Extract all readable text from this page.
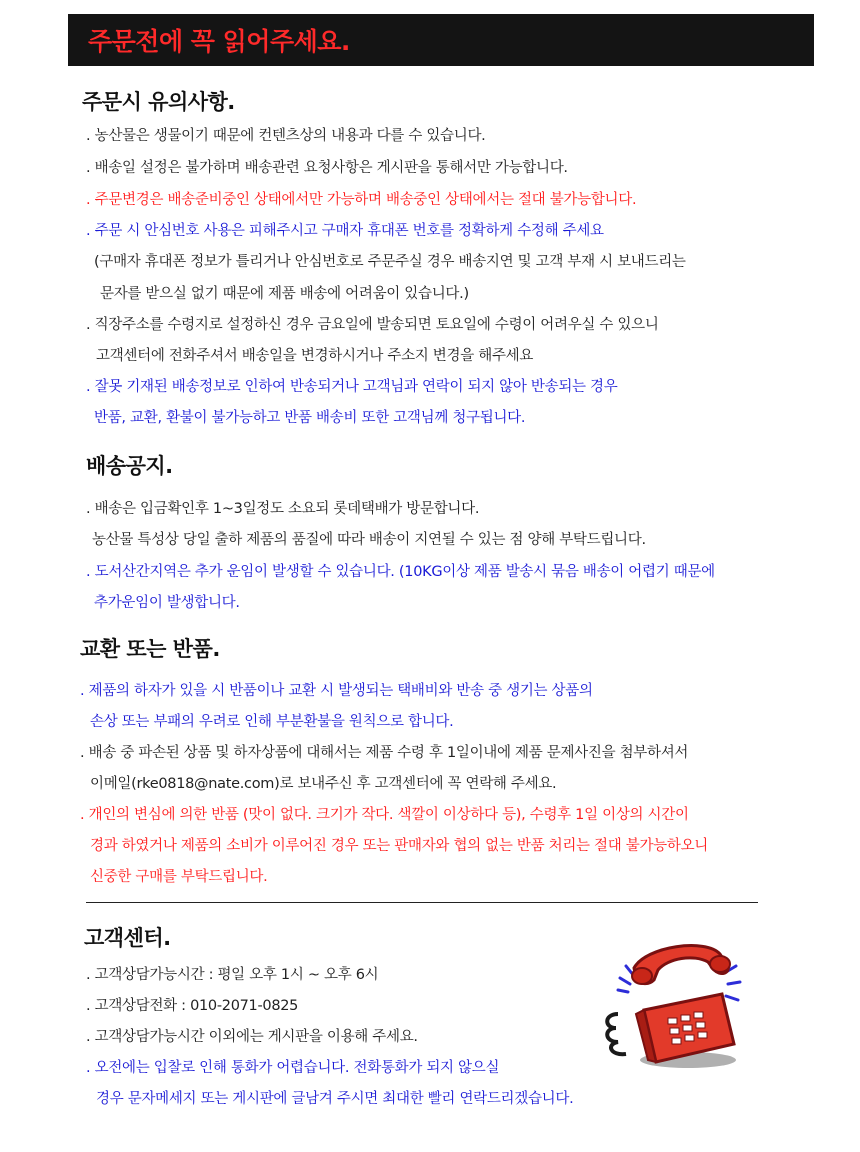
주문전에 꼭 읽어주세요.
주문시 유의사항.
. 농산물은 생물이기 때문에 컨텐츠상의 내용과 다를 수 있습니다.
. 배송일 설정은 불가하며 배송관련 요청사항은 게시판을 통해서만 가능합니다.
. 주문변경은 배송준비중인 상태에서만 가능하며 배송중인 상태에서는 절대 불가능합니다.
. 주문 시 안심번호 사용은 피해주시고 구매자 휴대폰 번호를 정확하게 수정해 주세요
(구매자 휴대폰 정보가 틀리거나 안심번호로 주문주실 경우 배송지연 및 고객 부재 시 보내드리는
문자를 받으실 없기 때문에 제품 배송에 어려움이 있습니다.)
. 직장주소를 수령지로 설정하신 경우 금요일에 발송되면 토요일에 수령이 어려우실 수 있으니
고객센터에 전화주셔서 배송일을 변경하시거나 주소지 변경을 해주세요
. 잘못 기재된 배송정보로 인하여 반송되거나 고객님과 연락이 되지 않아 반송되는 경우
반품, 교환, 환불이 불가능하고 반품 배송비 또한 고객님께 청구됩니다.
배송공지.
. 배송은 입금확인후 1~3일정도 소요되 롯데택배가 방문합니다.
농산물 특성상 당일 출하 제품의 품질에 따라 배송이 지연될 수 있는 점 양해 부탁드립니다.
. 도서산간지역은 추가 운임이 발생할 수 있습니다. (10KG이상 제품 발송시 묶음 배송이 어렵기 때문에
추가운임이 발생합니다.
교환 또는 반품.
. 제품의 하자가 있을 시 반품이나 교환 시 발생되는 택배비와 반송 중 생기는 상품의
손상 또는 부패의 우려로 인해 부분환불을 원칙으로 합니다.
. 배송 중 파손된 상품 및 하자상품에 대해서는 제품 수령 후 1일이내에 제품 문제사진을 첨부하셔서
이메일(rke0818@nate.com)로 보내주신 후 고객센터에 꼭 연락해 주세요.
. 개인의 변심에 의한 반품 (맛이 없다. 크기가 작다. 색깔이 이상하다 등), 수령후 1일 이상의 시간이
경과 하였거나 제품의 소비가 이루어진 경우 또는 판매자와 협의 없는 반품 처리는 절대 불가능하오니
신중한 구매를 부탁드립니다.
고객센터.
. 고객상담가능시간 : 평일 오후 1시 ~ 오후 6시
. 고객상담전화 : 010-2071-0825
. 고객상담가능시간 이외에는 게시판을 이용해 주세요.
. 오전에는 입찰로 인해 통화가 어렵습니다. 전화통화가 되지 않으실
경우 문자메세지 또는 게시판에 글남겨 주시면 최대한 빨리 연락드리겠습니다.
